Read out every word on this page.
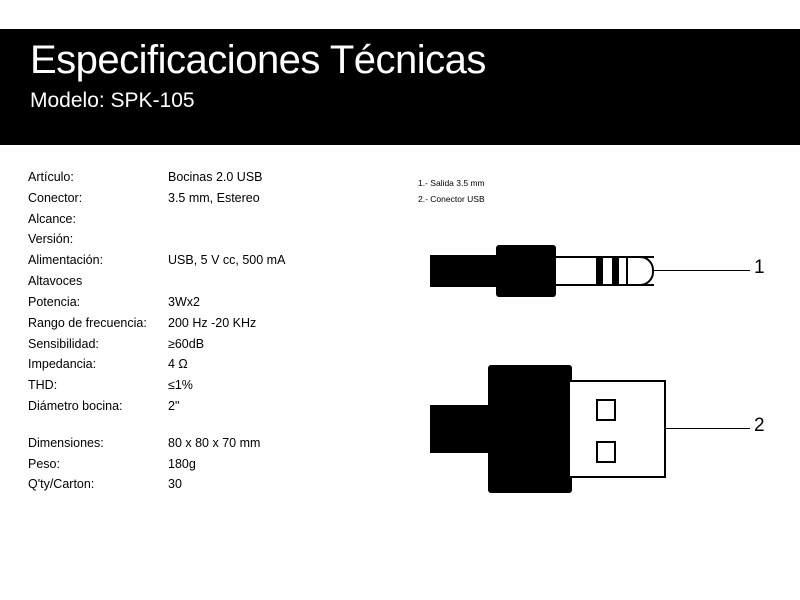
Especificaciones Técnicas
Modelo: SPK-105
Artículo:	Bocinas 2.0 USB
Conector:	3.5 mm, Estereo
Alcance:	
Versión:	
Alimentación:	USB, 5 V cc, 500 mA
Altavoces	
Potencia:	3Wx2
Rango de frecuencia:	200 Hz -20 KHz
Sensibilidad:	≥60dB
Impedancia:	4 Ω
THD:	≤1%
Diámetro bocina:	2"

Dimensiones:	80 x 80 x 70 mm
Peso:	180g
Q'ty/Carton:	30
1.- Salida 3.5 mm
2.- Conector USB
1
2
